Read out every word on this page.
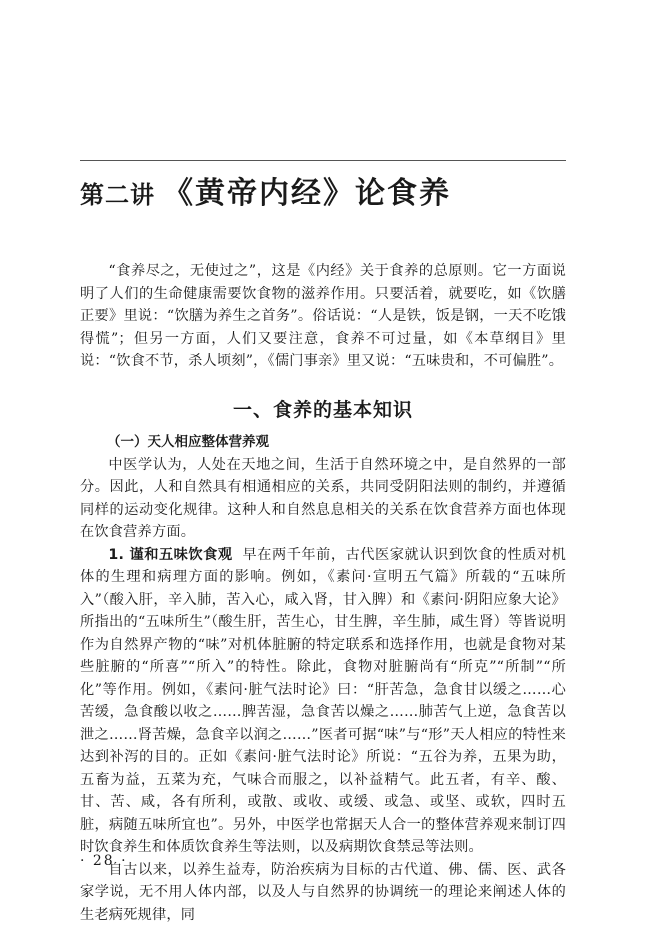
第二讲 《黄帝内经》论食养

“食养尽之，无使过之”，这是《内经》关于食养的总原则。它一方面说明了人们的生命健康需要饮食物的滋养作用。只要活着，就要吃，如《饮膳正要》里说：“饮膳为养生之首务”。俗话说：“人是铁，饭是钢，一天不吃饿得慌”；但另一方面，人们又要注意，食养不可过量，如《本草纲目》里说：“饮食不节，杀人顷刻”，《儒门事亲》里又说：“五味贵和，不可偏胜”。

一、食养的基本知识

（一）天人相应整体营养观

中医学认为，人处在天地之间，生活于自然环境之中，是自然界的一部分。因此，人和自然具有相通相应的关系，共同受阴阳法则的制约，并遵循同样的运动变化规律。这种人和自然息息相关的关系在饮食营养方面也体现在饮食营养方面。

1. 谨和五味饮食观 早在两千年前，古代医家就认识到饮食的性质对机体的生理和病理方面的影响。例如，《素问·宣明五气篇》所载的“五味所入”（酸入肝，辛入肺，苦入心，咸入肾，甘入脾）和《素问·阴阳应象大论》所指出的“五味所生”（酸生肝，苦生心，甘生脾，辛生肺，咸生肾）等皆说明作为自然界产物的“味”对机体脏腑的特定联系和选择作用，也就是食物对某些脏腑的“所喜”“所入”的特性。除此，食物对脏腑尚有“所克”“所制”“所化”等作用。例如，《素问·脏气法时论》曰：“肝苦急，急食甘以缓之……心苦缓，急食酸以收之……脾苦湿，急食苦以燥之……肺苦气上逆，急食苦以泄之……肾苦燥，急食辛以润之……”医者可据“味”与“形”天人相应的特性来达到补泻的目的。正如《素问·脏气法时论》所说：“五谷为养，五果为助，五畜为益，五菜为充，气味合而服之，以补益精气。此五者，有辛、酸、甘、苦、咸，各有所利，或散、或收、或缓、或急、或坚、或软，四时五脏，病随五味所宜也”。另外，中医学也常据天人合一的整体营养观来制订四时饮食养生和体质饮食养生等法则，以及病期饮食禁忌等法则。

自古以来，以养生益寿，防治疾病为目标的古代道、佛、儒、医、武各家学说，无不用人体内部，以及人与自然界的协调统一的理论来阐述人体的生老病死规律，同

· 28 ·
